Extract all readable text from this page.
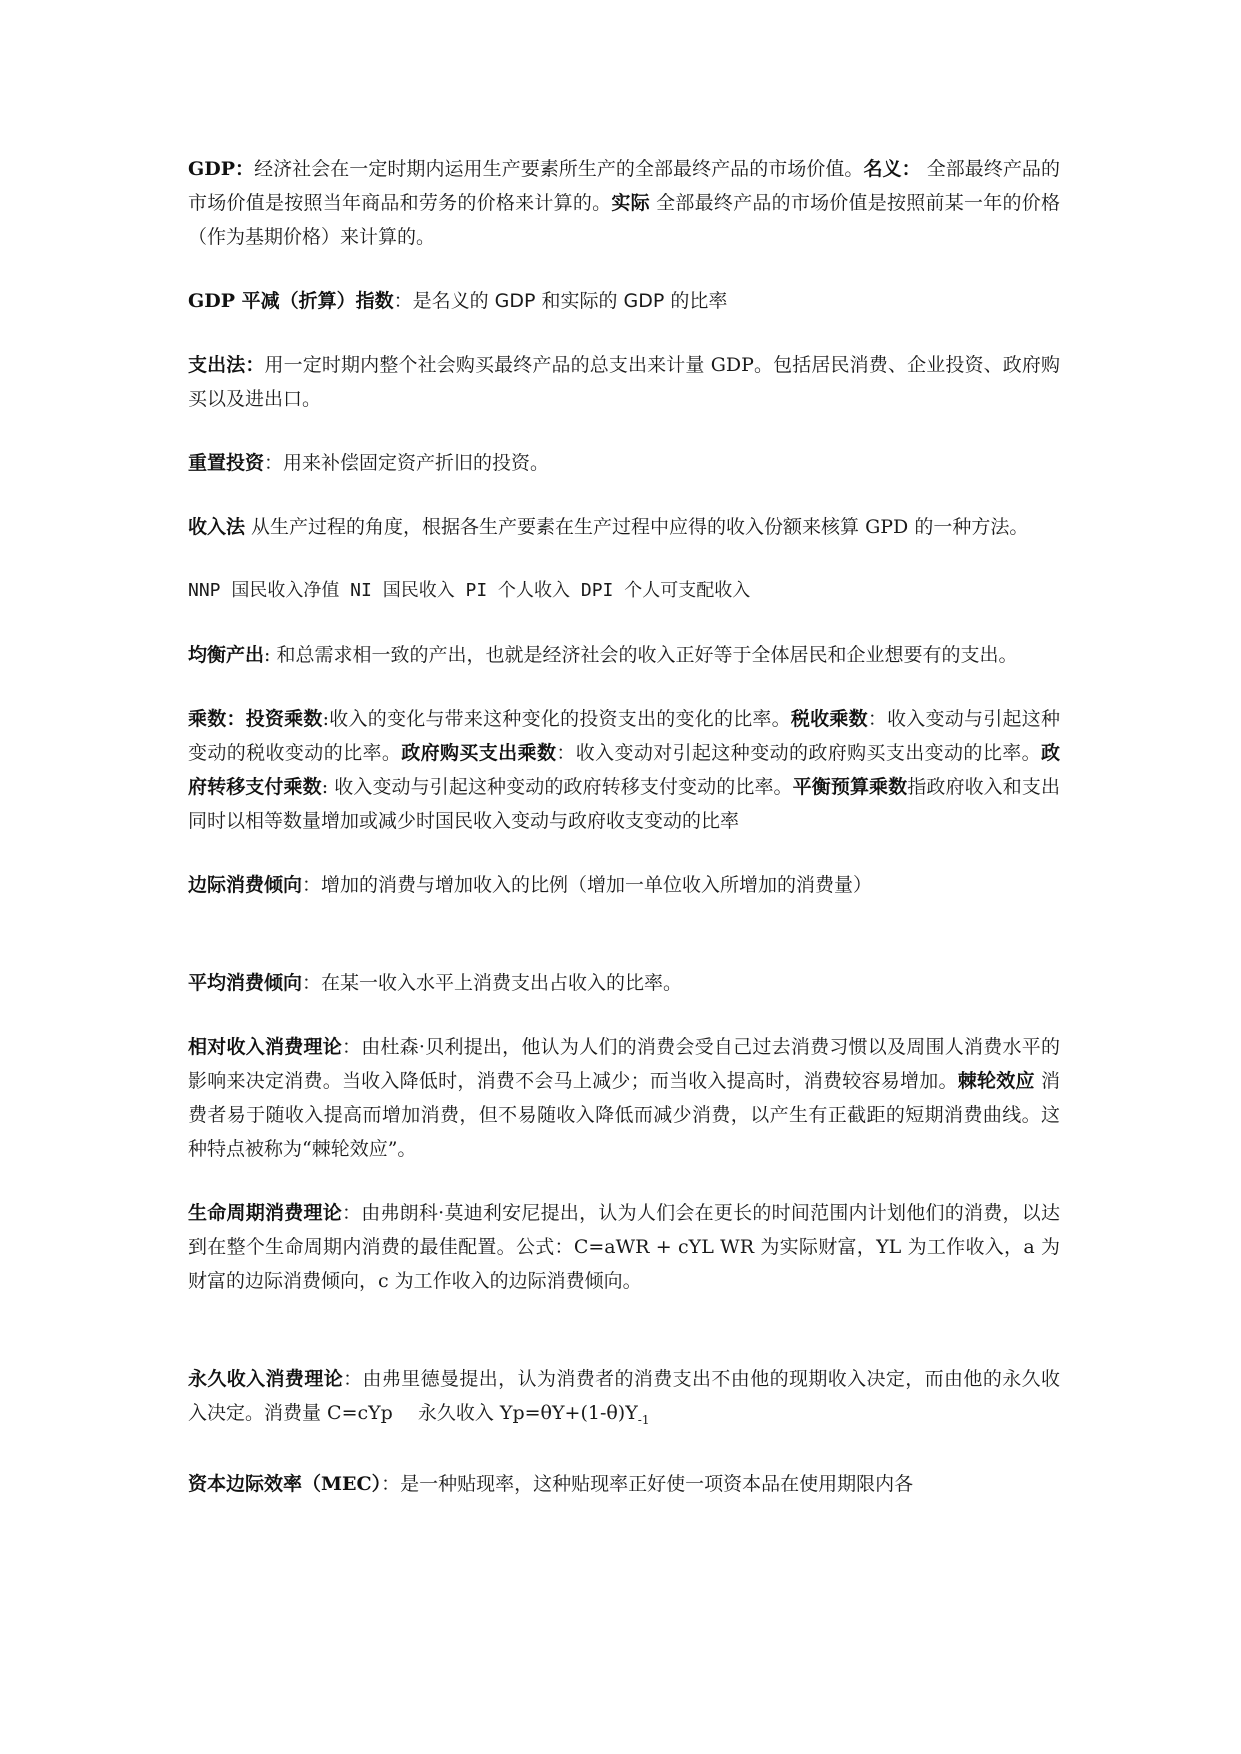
GDP：经济社会在一定时期内运用生产要素所生产的全部最终产品的市场价值。名义： 全部最终产品的市场价值是按照当年商品和劳务的价格来计算的。实际 全部最终产品的市场价值是按照前某一年的价格（作为基期价格）来计算的。

GDP 平减（折算）指数：是名义的 GDP 和实际的 GDP 的比率

支出法：用一定时期内整个社会购买最终产品的总支出来计量 GDP。包括居民消费、企业投资、政府购买以及进出口。

重置投资：用来补偿固定资产折旧的投资。

收入法 从生产过程的角度，根据各生产要素在生产过程中应得的收入份额来核算 GPD 的一种方法。

NNP 国民收入净值 NI 国民收入 PI 个人收入 DPI 个人可支配收入

均衡产出: 和总需求相一致的产出，也就是经济社会的收入正好等于全体居民和企业想要有的支出。

乘数：投资乘数:收入的变化与带来这种变化的投资支出的变化的比率。税收乘数：收入变动与引起这种变动的税收变动的比率。政府购买支出乘数：收入变动对引起这种变动的政府购买支出变动的比率。政府转移支付乘数: 收入变动与引起这种变动的政府转移支付变动的比率。平衡预算乘数指政府收入和支出同时以相等数量增加或减少时国民收入变动与政府收支变动的比率

边际消费倾向：增加的消费与增加收入的比例（增加一单位收入所增加的消费量）

平均消费倾向：在某一收入水平上消费支出占收入的比率。

相对收入消费理论：由杜森·贝利提出，他认为人们的消费会受自己过去消费习惯以及周围人消费水平的影响来决定消费。当收入降低时，消费不会马上减少；而当收入提高时，消费较容易增加。棘轮效应 消费者易于随收入提高而增加消费，但不易随收入降低而减少消费，以产生有正截距的短期消费曲线。这种特点被称为“棘轮效应”。

生命周期消费理论：由弗朗科·莫迪利安尼提出，认为人们会在更长的时间范围内计划他们的消费，以达到在整个生命周期内消费的最佳配置。公式：C=aWR + cYL WR 为实际财富，YL 为工作收入，a 为财富的边际消费倾向，c 为工作收入的边际消费倾向。

永久收入消费理论：由弗里德曼提出，认为消费者的消费支出不由他的现期收入决定，而由他的永久收入决定。消费量 C=cYp　 永久收入 $Yp=\theta Y+(1-\theta)Y_{-1}$

资本边际效率（MEC）：是一种贴现率，这种贴现率正好使一项资本品在使用期限内各
